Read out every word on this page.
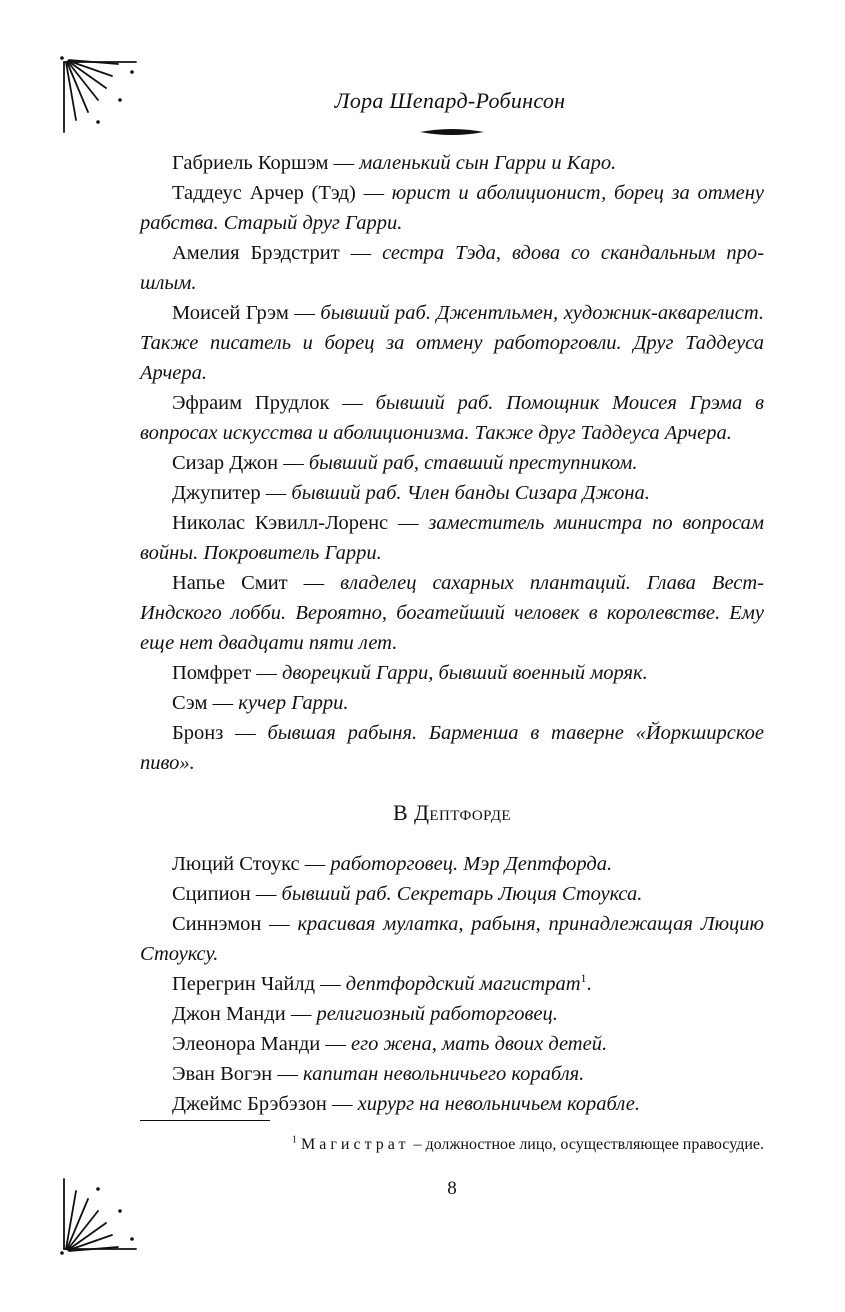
Лора Шепард-Робинсон

Габриель Коршэм — маленький сын Гарри и Каро.

Таддеус Арчер (Тэд) — юрист и аболиционист, борец за отмену рабства. Старый друг Гарри.

Амелия Брэдстрит — сестра Тэда, вдова со скандальным прошлым.

Моисей Грэм — бывший раб. Джентльмен, художник-акварелист. Также писатель и борец за отмену работорговли. Друг Таддеуса Арчера.

Эфраим Прудлок — бывший раб. Помощник Моисея Грэма в вопросах искусства и аболиционизма. Также друг Таддеуса Арчера.

Сизар Джон — бывший раб, ставший преступником.

Джупитер — бывший раб. Член банды Сизара Джона.

Николас Кэвилл-Лоренс — заместитель министра по вопросам войны. Покровитель Гарри.

Напье Смит — владелец сахарных плантаций. Глава Вест-Индского лобби. Вероятно, богатейший человек в королевстве. Ему еще нет двадцати пяти лет.

Помфрет — дворецкий Гарри, бывший военный моряк.

Сэм — кучер Гарри.

Бронз — бывшая рабыня. Барменша в таверне «Йоркширское пиво».

В Дептфорде

Люций Стоукс — работорговец. Мэр Дептфорда.

Сципион — бывший раб. Секретарь Люция Стоукса.

Синнэмон — красивая мулатка, рабыня, принадлежащая Люцию Стоуксу.

Перегрин Чайлд — дептфордский магистрат$^1$.

Джон Манди — религиозный работорговец.

Элеонора Манди — его жена, мать двоих детей.

Эван Вогэн — капитан невольничьего корабля.

Джеймс Брэбэзон — хирург на невольничьем корабле.

$^1$ Магистрат – должностное лицо, осуществляющее правосудие.
8
